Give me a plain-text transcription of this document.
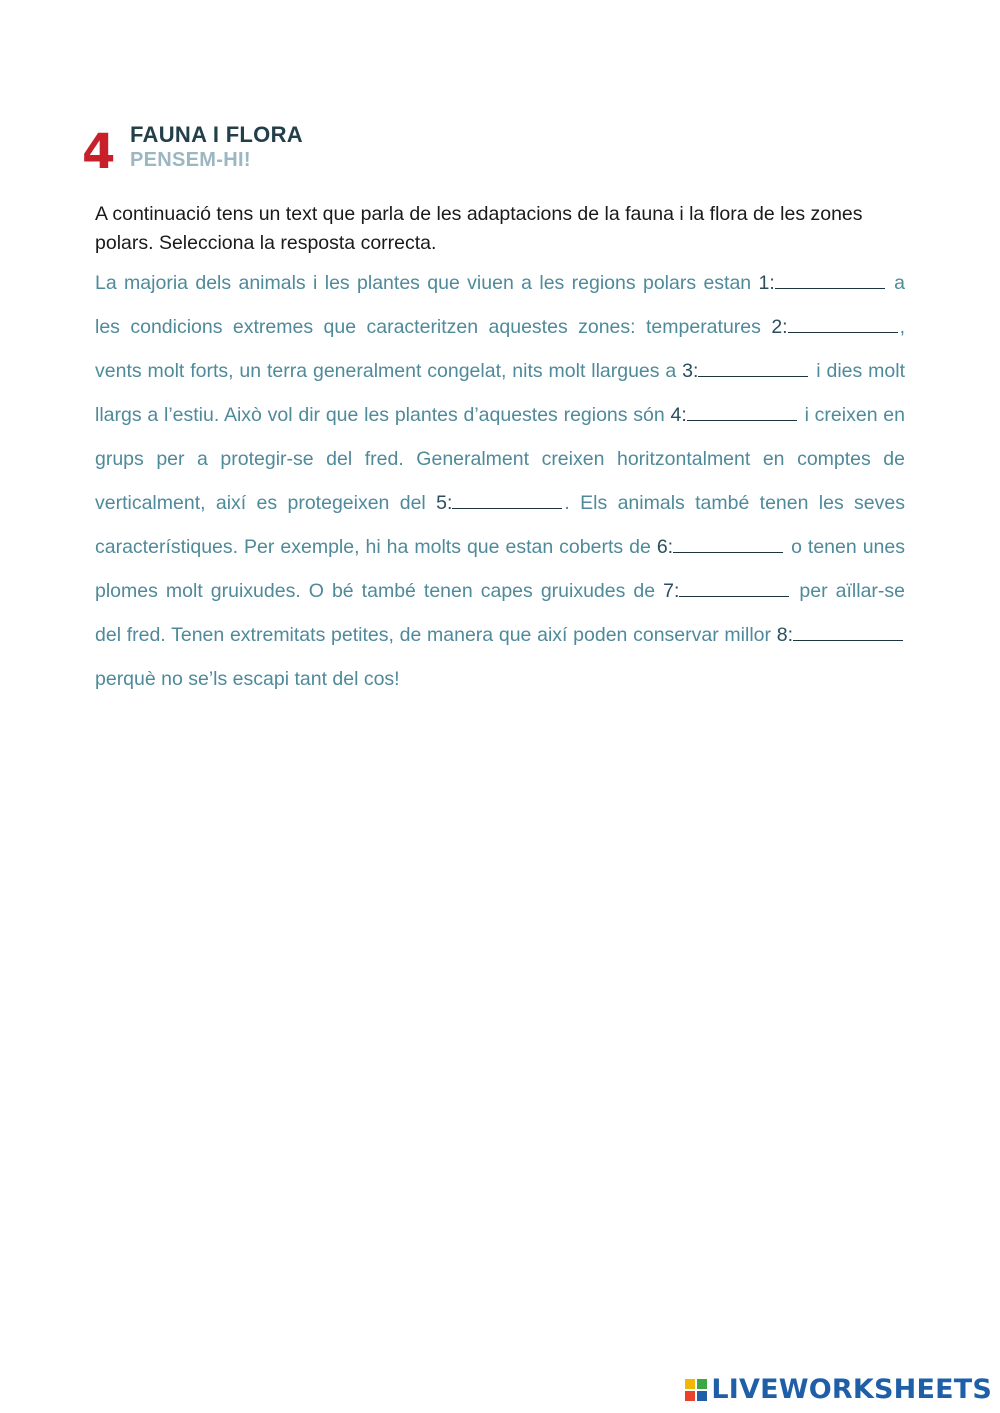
4 FAUNA I FLORA
PENSEM-HI!
A continuació tens un text que parla de les adaptacions de la fauna i la flora de les zones polars. Selecciona la resposta correcta.
La majoria dels animals i les plantes que viuen a les regions polars estan 1:	a les condicions extremes que caracteritzen aquestes zones: temperatures 2:	, vents molt forts, un terra generalment congelat, nits molt llargues a 3:	i dies molt llargs a l’estiu. Això vol dir que les plantes d’aquestes regions són 4:	i creixen en grups per a protegir-se del fred. Generalment creixen horitzontalment en comptes de verticalment, així es protegeixen del 5:	. Els animals també tenen les seves característiques. Per exemple, hi ha molts que estan coberts de 6:	o tenen unes plomes molt gruixudes. O bé també tenen capes gruixudes de 7:	per aïllar-se del fred. Tenen extremitats petites, de manera que així poden conservar millor 8: perquè no se’ls escapi tant del cos!
LIVEWORKSHEETS
